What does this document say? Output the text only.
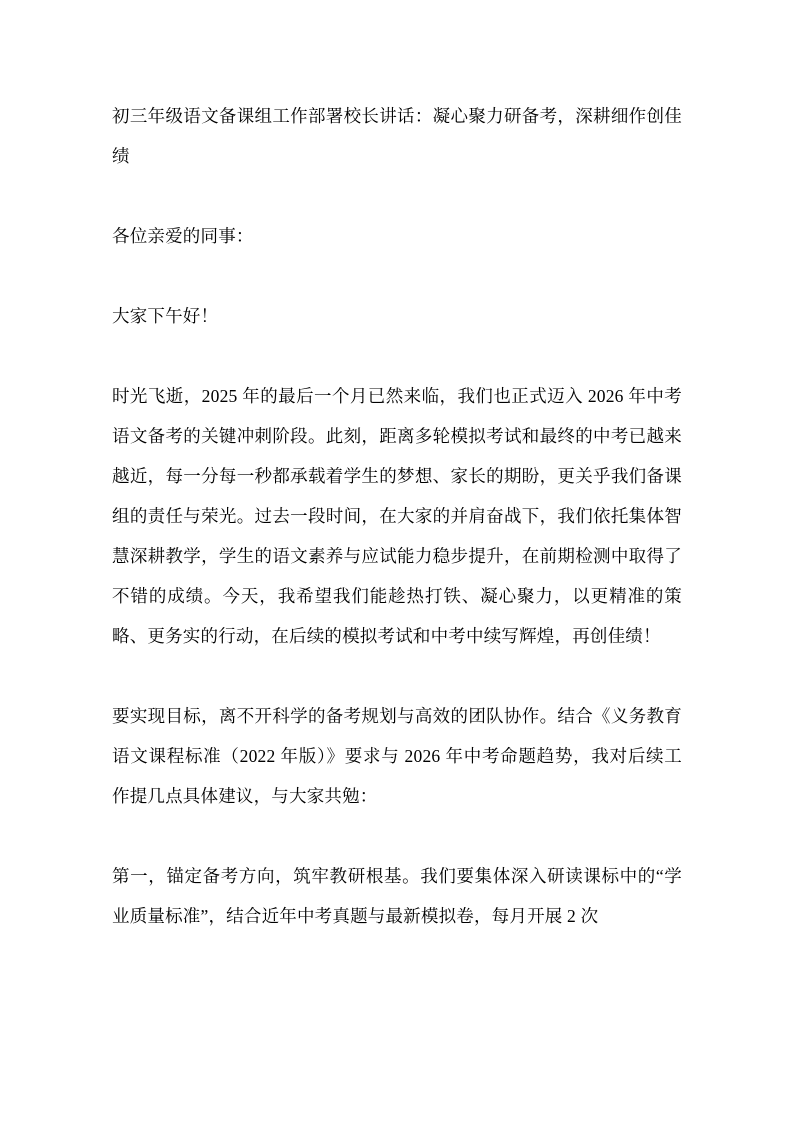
初三年级语文备课组工作部署校长讲话：凝心聚力研备考，深耕细作创佳绩

各位亲爱的同事：

大家下午好！

时光飞逝，2025 年的最后一个月已然来临，我们也正式迈入 2026 年中考语文备考的关键冲刺阶段。此刻，距离多轮模拟考试和最终的中考已越来越近，每一分每一秒都承载着学生的梦想、家长的期盼，更关乎我们备课组的责任与荣光。过去一段时间，在大家的并肩奋战下，我们依托集体智慧深耕教学，学生的语文素养与应试能力稳步提升，在前期检测中取得了不错的成绩。今天，我希望我们能趁热打铁、凝心聚力，以更精准的策略、更务实的行动，在后续的模拟考试和中考中续写辉煌，再创佳绩！

要实现目标，离不开科学的备考规划与高效的团队协作。结合《义务教育语文课程标准（2022 年版）》要求与 2026 年中考命题趋势，我对后续工作提几点具体建议，与大家共勉：

第一，锚定备考方向，筑牢教研根基。我们要集体深入研读课标中的“学业质量标准”，结合近年中考真题与最新模拟卷，每月开展 2 次
